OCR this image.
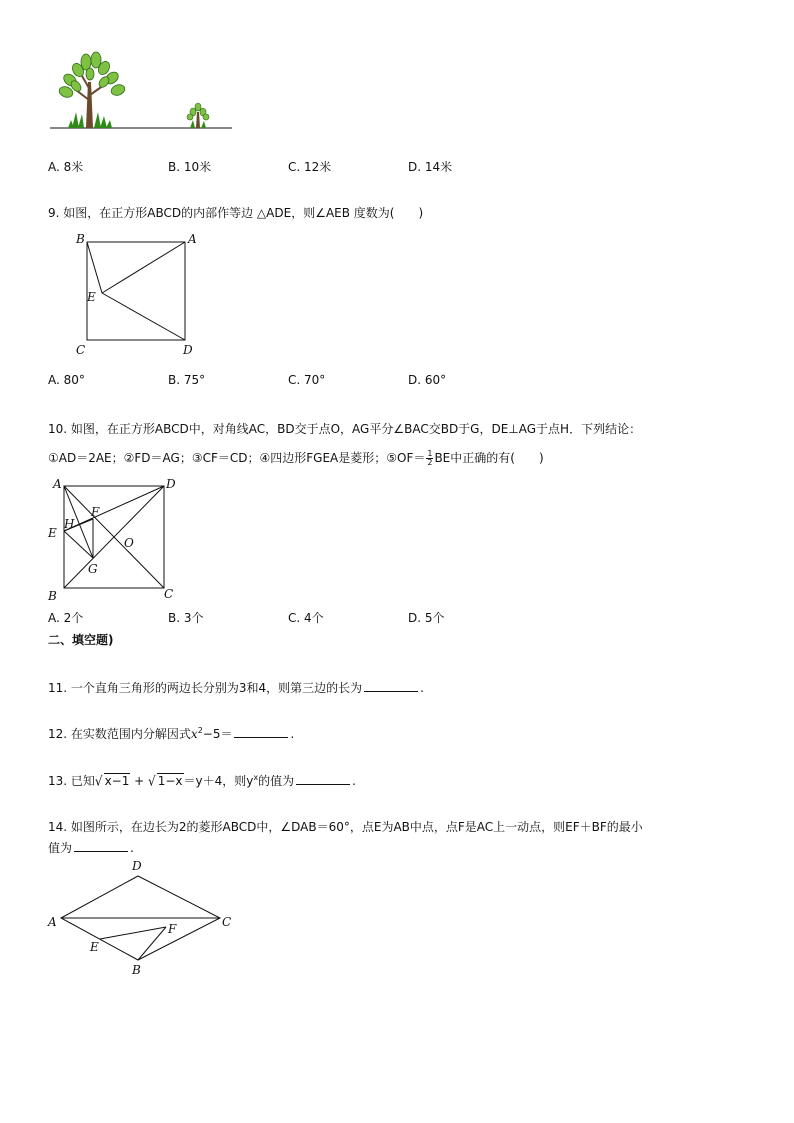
A. 8米	B. 10米	C. 12米	D. 14米
9. 如图，在正方形ABCD的内部作等边 △ADE，则∠AEB 度数为(　　)
B	A
C	D
E
A. 80°	B. 75°	C. 70°	D. 60°
10. 如图，在正方形ABCD中，对角线AC，BD交于点O，AG平分∠BAC交BD于G，DE⊥AG于点H．下列结论：
①AD＝2AE；②FD＝AG；③CF＝CD；④四边形FGEA是菱形；⑤OF＝ $\frac{1}{2}$ BE中正确的有(　　)
A	D
E
H
F
O
G
B	C
A. 2个	B. 3个	C. 4个	D. 5个
二、填空题)
11. 一个直角三角形的两边长分别为3和4，则第三边的长为	.
12. 在实数范围内分解因式$x^2-5=$	.
13. 已知√ x−1 + √ 1−x＝y＋4，则$y^x$的值为	.
14. 如图所示，在边长为2的菱形ABCD中，∠DAB＝60°，点E为AB中点，点F是AC上一动点，则EF＋BF的最小
值为	.
D
A	C
F
E
B
